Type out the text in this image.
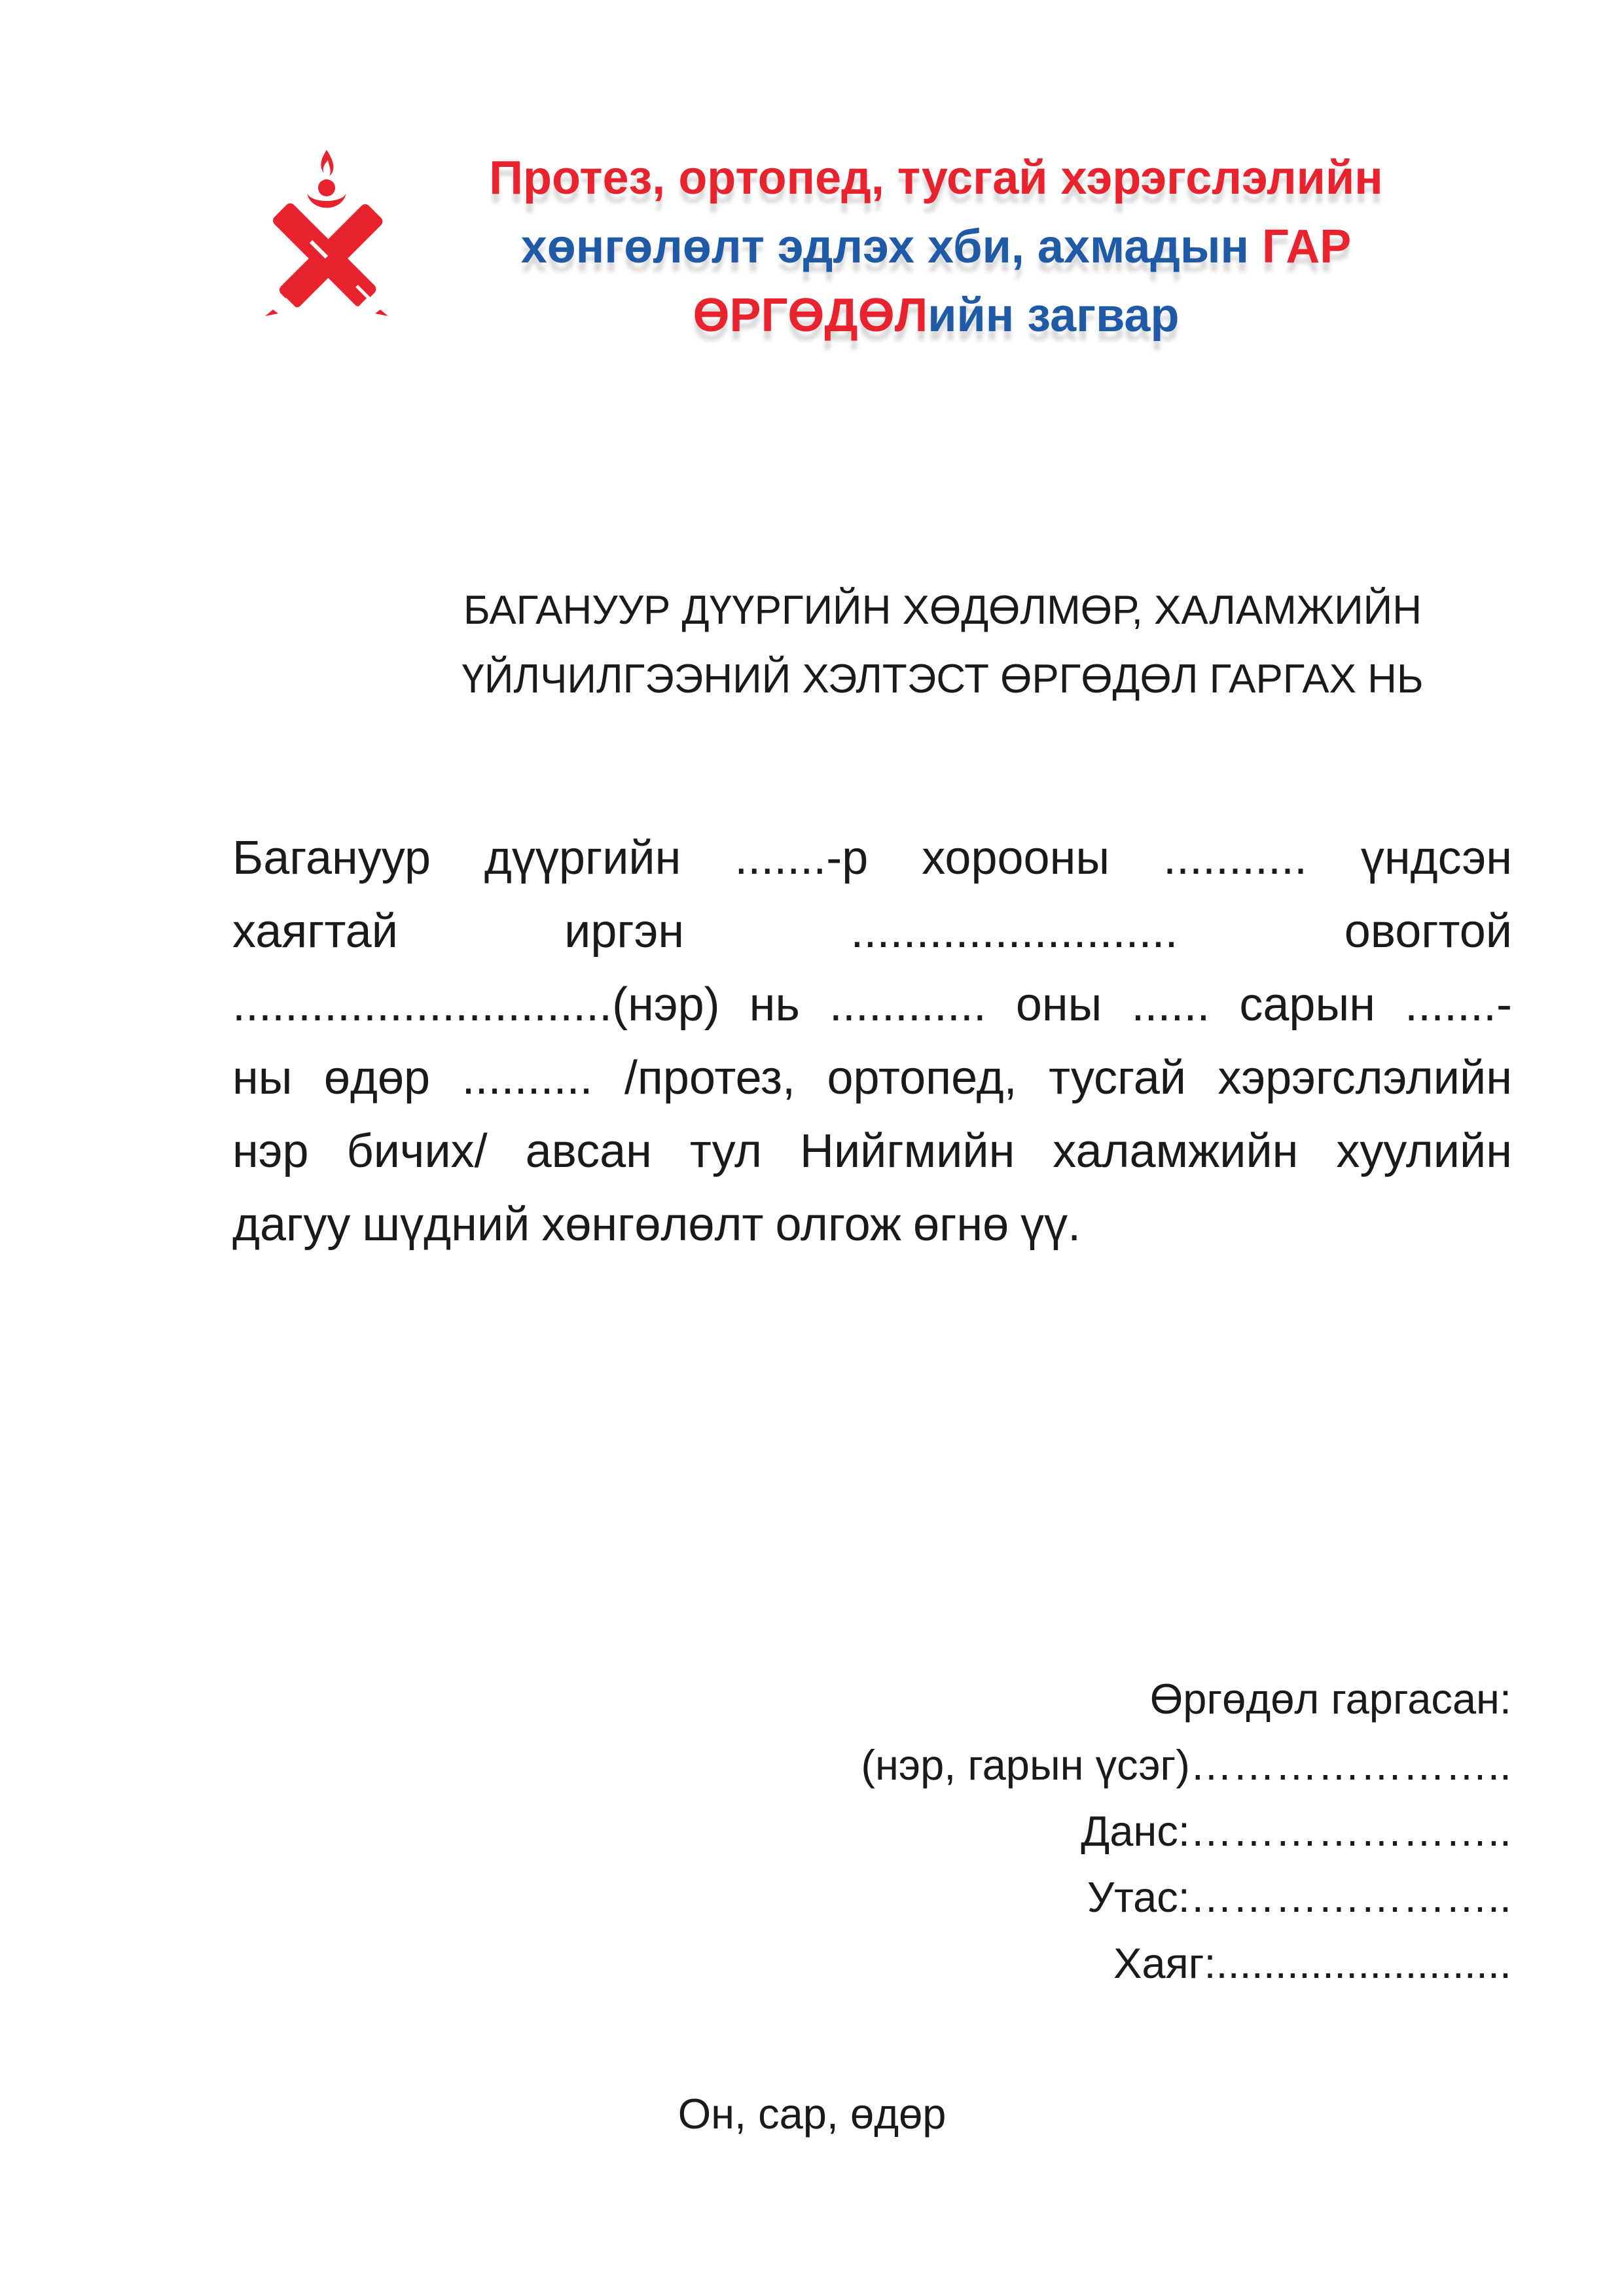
Протез, ортопед, тусгай хэрэгслэлийн
хөнгөлөлт эдлэх хби, ахмадын ГАР
ӨРГӨДӨЛийн загвар
БАГАНУУР ДҮҮРГИЙН ХӨДӨЛМӨР, ХАЛАМЖИЙН
ҮЙЛЧИЛГЭЭНИЙ ХЭЛТЭСТ ӨРГӨДӨЛ ГАРГАХ НЬ
Багануур дүүргийн .......-р хорооны ........... үндсэн
хаягтай	иргэн	.........................	овогтой
.............................(нэр) нь ............ оны ...... сарын .......-
ны өдөр .......... /протез, ортопед, тусгай хэрэгслэлийн
нэр бичих/ авсан тул Нийгмийн халамжийн хуулийн
дагуу шүдний хөнгөлөлт олгож өгнө үү.
Өргөдөл гаргасан:
(нэр, гарын үсэг)…………………..
Данс:…………………..
Утас:…………………..
Хаяг:.........................
Он, сар, өдөр
